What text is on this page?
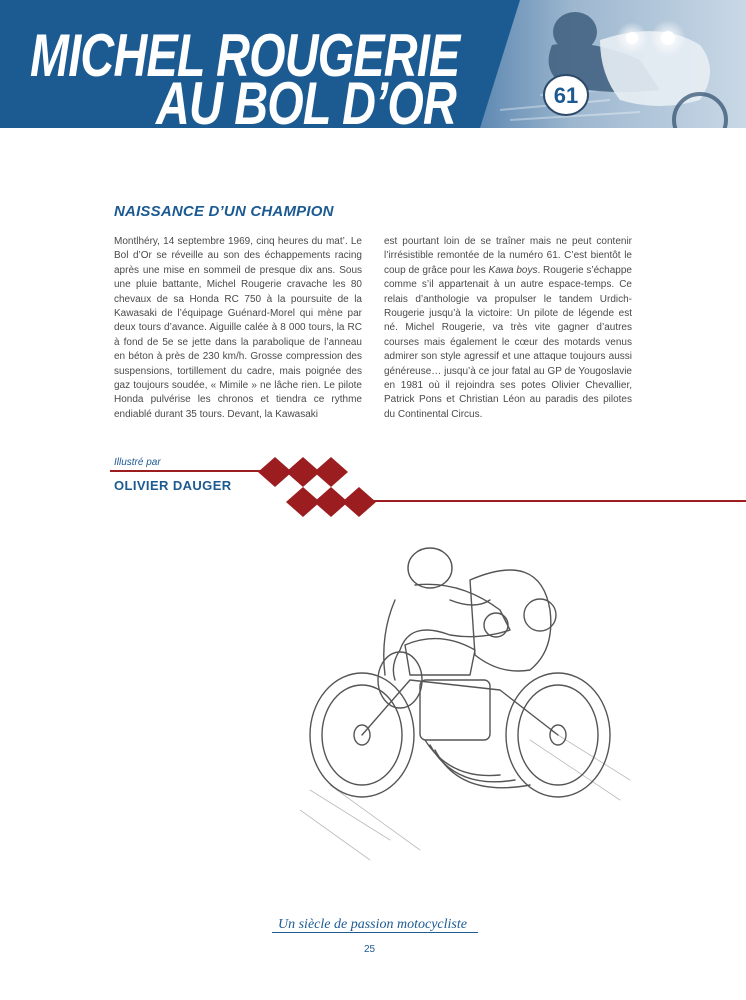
61
MICHEL ROUGERIE
AU BOL D’OR
NAISSANCE D’UN CHAMPION

Montlhéry, 14 septembre 1969, cinq heures du mat’. Le Bol d’Or se réveille au son des échappements racing après une mise en sommeil de presque dix ans. Sous une pluie battante, Michel Rougerie cravache les 80 chevaux de sa Honda RC 750 à la poursuite de la Kawasaki de l’équipage Guénard-Morel qui mène par deux tours d’avance. Aiguille calée à 8 000 tours, la RC à fond de 5e se jette dans la parabolique de l’anneau en béton à près de 230 km/h. Grosse compression des suspensions, tortillement du cadre, mais poignée des gaz toujours soudée, « Mimile » ne lâche rien. Le pilote Honda pulvérise les chronos et tiendra ce rythme endiablé durant 35 tours. Devant, la Kawasaki

est pourtant loin de se traîner mais ne peut contenir l’irrésistible remontée de la numéro 61. C’est bientôt le coup de grâce pour les Kawa boys. Rougerie s’échappe comme s’il appartenait à un autre espace-temps. Ce relais d’anthologie va propulser le tandem Urdich-Rougerie jusqu’à la victoire: Un pilote de légende est né. Michel Rougerie, va très vite gagner d’autres courses mais également le cœur des motards venus admirer son style agressif et une attaque toujours aussi généreuse… jusqu’à ce jour fatal au GP de Yougoslavie en 1981 où il rejoindra ses potes Olivier Chevallier, Patrick Pons et Christian Léon au paradis des pilotes du Continental Circus.

Illustré par
OLIVIER DAUGER
Un siècle de passion motocycliste
25
